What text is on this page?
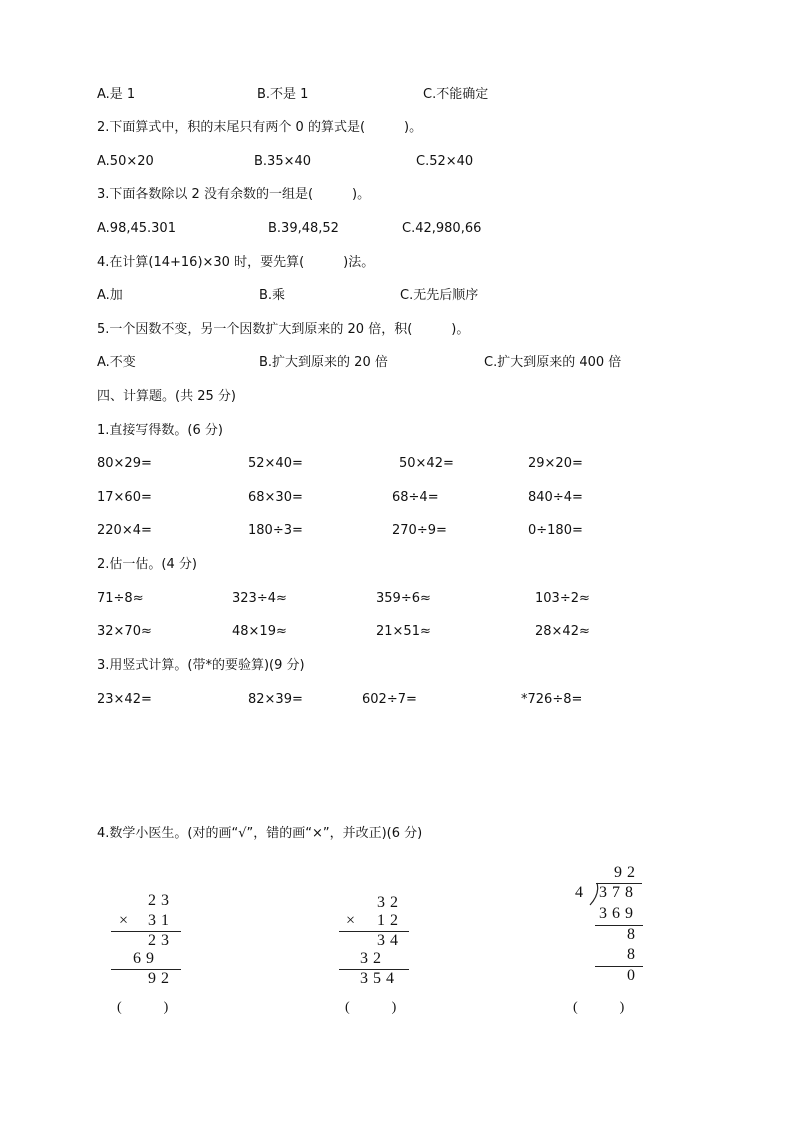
A.是 1	B.不是 1	C.不能确定
2.下面算式中，积的末尾只有两个 0 的算式是(　　　)。
A.50×20	B.35×40	C.52×40
3.下面各数除以 2 没有余数的一组是(　　　)。
A.98,45.301	B.39,48,52	C.42,980,66
4.在计算(14+16)×30 时，要先算(　　　)法。
A.加	B.乘	C.无先后顺序
5.一个因数不变，另一个因数扩大到原来的 20 倍，积(　　　)。
A.不变	B.扩大到原来的 20 倍	C.扩大到原来的 400 倍
四、计算题。(共 25 分)
1.直接写得数。(6 分)
80×29=	52×40=	50×42=	29×20=
17×60=	68×30=	68÷4=	840÷4=
220×4=	180÷3=	270÷9=	0÷180=
2.估一估。(4 分)
71÷8≈	323÷4≈	359÷6≈	103÷2≈
32×70≈	48×19≈	21×51≈	28×42≈
3.用竖式计算。(带*的要验算)(9 分)
23×42=	82×39=	602÷7=	*726÷8=
4.数学小医生。(对的画“√”，错的画“×”，并改正)(6 分)
23
× 31
23
69
92
(　　　)
32
× 12
34
32
354
(　　　)
92
4 378
369
8
8
0
(　　　)
